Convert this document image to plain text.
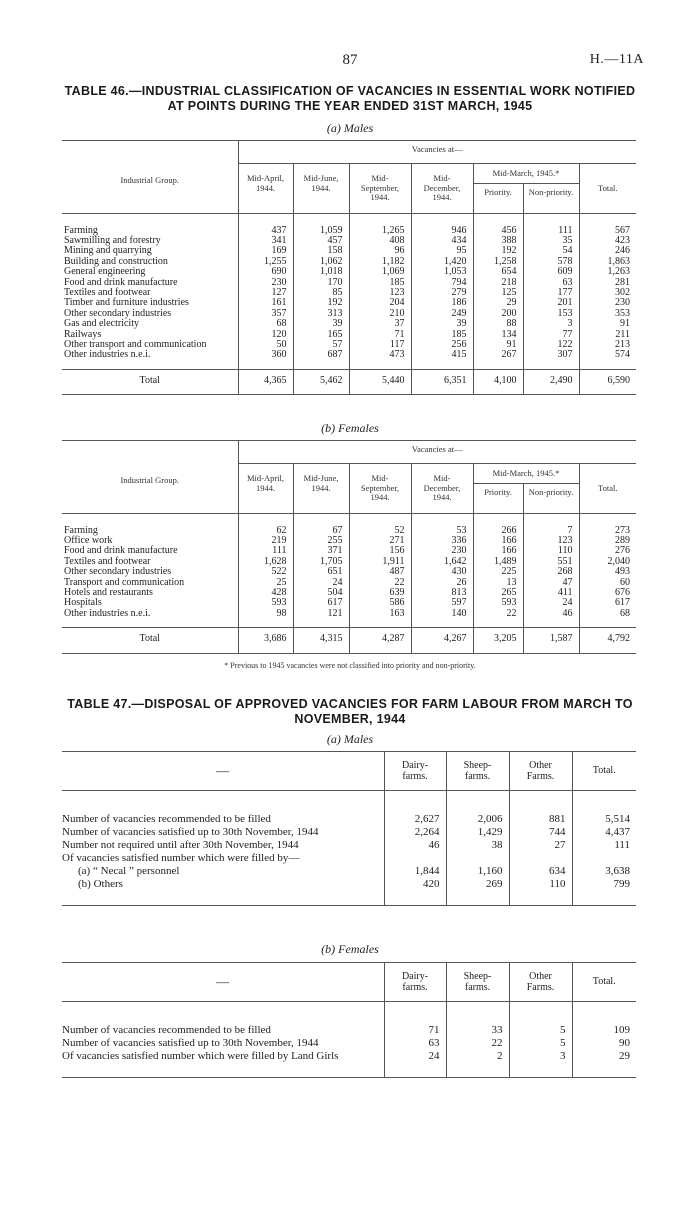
87	H.—11A
TABLE 46.—INDUSTRIAL CLASSIFICATION OF VACANCIES IN ESSENTIAL WORK NOTIFIED
AT POINTS DURING THE YEAR ENDED 31ST MARCH, 1945
(a) Males
Industrial Group.	Vacancies at—						
	Mid-April, 1944.	Mid-June, 1944.	Mid-September, 1944.	Mid-December, 1944.	Mid-March, 1945.*		Total.
					Priority.	Non-priority.	

Farming	437	1,059	1,265	946	456	111	567
Sawmilling and forestry	341	457	408	434	388	35	423
Mining and quarrying	169	158	96	95	192	54	246
Building and construction	1,255	1,062	1,182	1,420	1,258	578	1,863
General engineering	690	1,018	1,069	1,053	654	609	1,263
Food and drink manufacture	230	170	185	794	218	63	281
Textiles and footwear	127	85	123	279	125	177	302
Timber and furniture industries	161	192	204	186	29	201	230
Other secondary industries	357	313	210	249	200	153	353
Gas and electricity	68	39	37	39	88	3	91
Railways	120	165	71	185	134	77	211
Other transport and communication	50	57	117	256	91	122	213
Other industries n.e.i.	360	687	473	415	267	307	574

Total	4,365	5,462	5,440	6,351	4,100	2,490	6,590

(b) Females
Industrial Group.	Vacancies at—						
	Mid-April, 1944.	Mid-June, 1944.	Mid-September, 1944.	Mid-December, 1944.	Mid-March, 1945.*		Total.
					Priority.	Non-priority.	

Farming	62	67	52	53	266	7	273
Office work	219	255	271	336	166	123	289
Food and drink manufacture	111	371	156	230	166	110	276
Textiles and footwear	1,628	1,705	1,911	1,642	1,489	551	2,040
Other secondary industries	522	651	487	430	225	268	493
Transport and communication	25	24	22	26	13	47	60
Hotels and restaurants	428	504	639	813	265	411	676
Hospitals	593	617	586	597	593	24	617
Other industries n.e.i.	98	121	163	140	22	46	68

Total	3,686	4,315	4,287	4,267	3,205	1,587	4,792

* Previous to 1945 vacancies were not classified into priority and non-priority.
TABLE 47.—DISPOSAL OF APPROVED VACANCIES FOR FARM LABOUR FROM MARCH TO
NOVEMBER, 1944
(a) Males
—	Dairy-farms.	Sheep-farms.	Other Farms.	Total.

Number of vacancies recommended to be filled	2,627	2,006	881	5,514
Number of vacancies satisfied up to 30th November, 1944	2,264	1,429	744	4,437
Number not required until after 30th November, 1944	46	38	27	111
Of vacancies satisfied number which were filled by—				
(a) “ Necal ” personnel	1,844	1,160	634	3,638
(b) Others	420	269	110	799

(b) Females
—	Dairy-farms.	Sheep-farms.	Other Farms.	Total.

Number of vacancies recommended to be filled	71	33	5	109
Number of vacancies satisfied up to 30th November, 1944	63	22	5	90
Of vacancies satisfied number which were filled by Land Girls	24	2	3	29
